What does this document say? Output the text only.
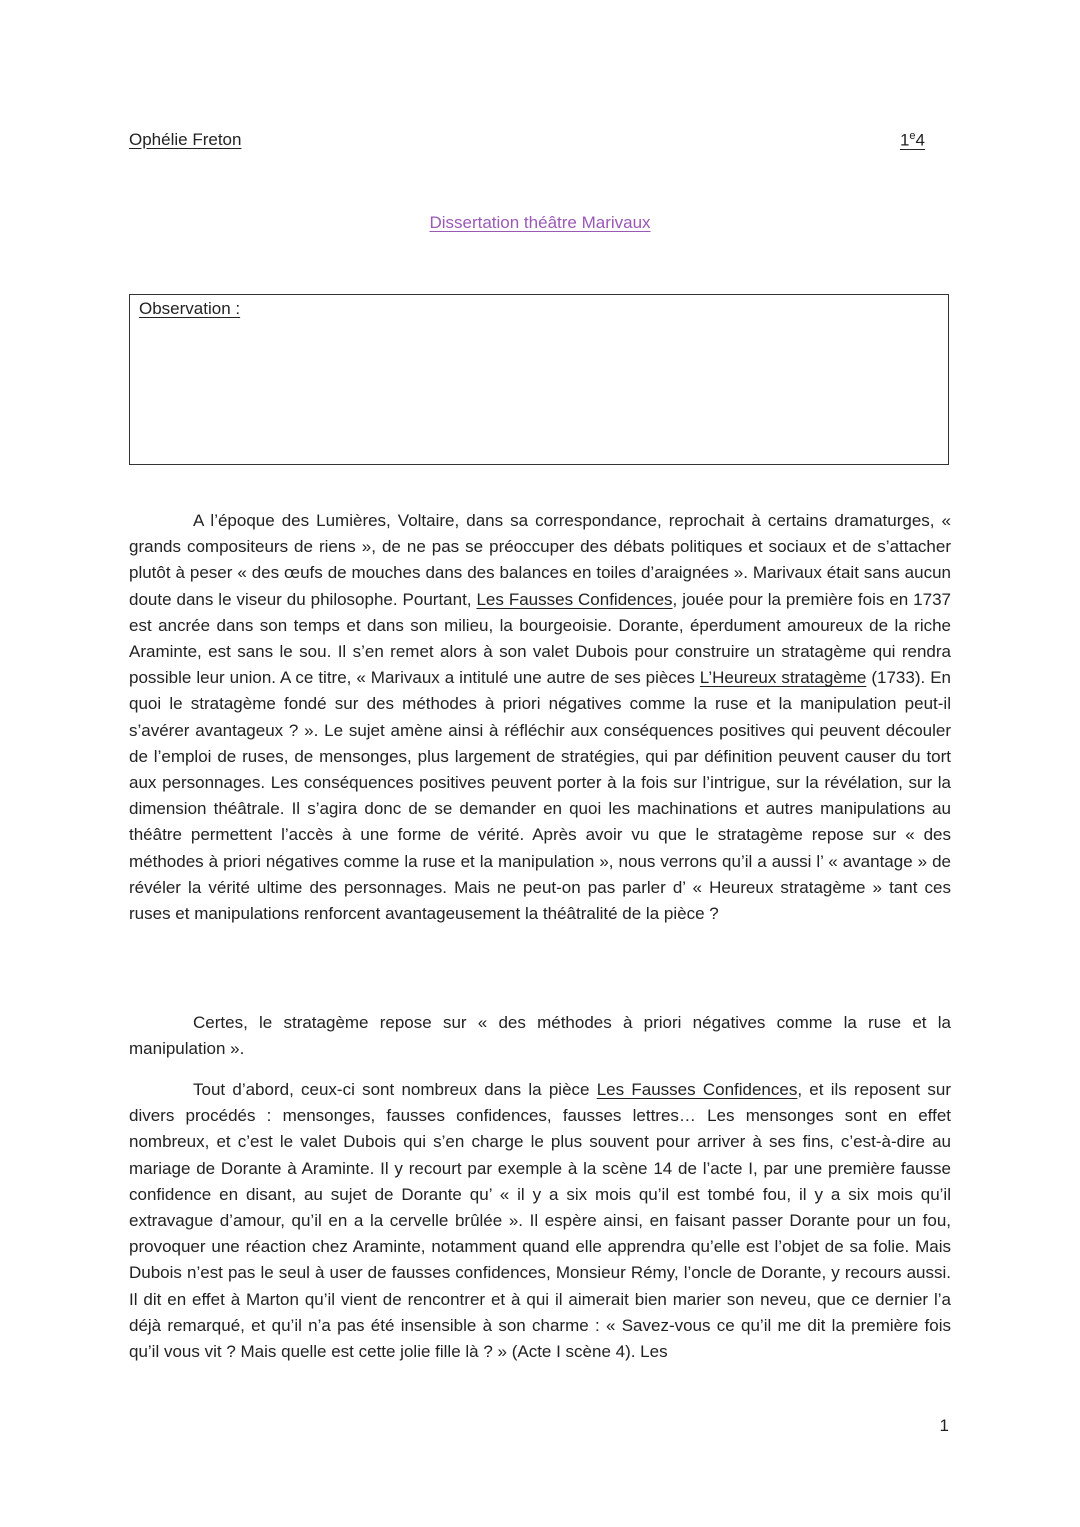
Ophélie Freton	1e4
Dissertation théâtre Marivaux
Observation :

A l’époque des Lumières, Voltaire, dans sa correspondance, reprochait à certains dramaturges, « grands compositeurs de riens », de ne pas se préoccuper des débats politiques et sociaux et de s’attacher plutôt à peser « des œufs de mouches dans des balances en toiles d’araignées ». Marivaux était sans aucun doute dans le viseur du philosophe. Pourtant, Les Fausses Confidences, jouée pour la première fois en 1737 est ancrée dans son temps et dans son milieu, la bourgeoisie. Dorante, éperdument amoureux de la riche Araminte, est sans le sou. Il s’en remet alors à son valet Dubois pour construire un stratagème qui rendra possible leur union. A ce titre, « Marivaux a intitulé une autre de ses pièces L’Heureux stratagème (1733). En quoi le stratagème fondé sur des méthodes à priori négatives comme la ruse et la manipulation peut-il s’avérer avantageux ? ». Le sujet amène ainsi à réfléchir aux conséquences positives qui peuvent découler de l’emploi de ruses, de mensonges, plus largement de stratégies, qui par définition peuvent causer du tort aux personnages. Les conséquences positives peuvent porter à la fois sur l’intrigue, sur la révélation, sur la dimension théâtrale. Il s’agira donc de se demander en quoi les machinations et autres manipulations au théâtre permettent l’accès à une forme de vérité. Après avoir vu que le stratagème repose sur « des méthodes à priori négatives comme la ruse et la manipulation », nous verrons qu’il a aussi l’ « avantage » de révéler la vérité ultime des personnages. Mais ne peut-on pas parler d’ « Heureux stratagème » tant ces ruses et manipulations renforcent avantageusement la théâtralité de la pièce ?

Certes, le stratagème repose sur « des méthodes à priori négatives comme la ruse et la manipulation ».

Tout d’abord, ceux-ci sont nombreux dans la pièce Les Fausses Confidences, et ils reposent sur divers procédés : mensonges, fausses confidences, fausses lettres… Les mensonges sont en effet nombreux, et c’est le valet Dubois qui s’en charge le plus souvent pour arriver à ses fins, c’est-à-dire au mariage de Dorante à Araminte. Il y recourt par exemple à la scène 14 de l’acte I, par une première fausse confidence en disant, au sujet de Dorante qu’ « il y a six mois qu’il est tombé fou, il y a six mois qu’il extravague d’amour, qu’il en a la cervelle brûlée ». Il espère ainsi, en faisant passer Dorante pour un fou, provoquer une réaction chez Araminte, notamment quand elle apprendra qu’elle est l’objet de sa folie. Mais Dubois n’est pas le seul à user de fausses confidences, Monsieur Rémy, l’oncle de Dorante, y recours aussi. Il dit en effet à Marton qu’il vient de rencontrer et à qui il aimerait bien marier son neveu, que ce dernier l’a déjà remarqué, et qu’il n’a pas été insensible à son charme : « Savez-vous ce qu’il me dit la première fois qu’il vous vit ? Mais quelle est cette jolie fille là ? » (Acte I scène 4). Les

1
